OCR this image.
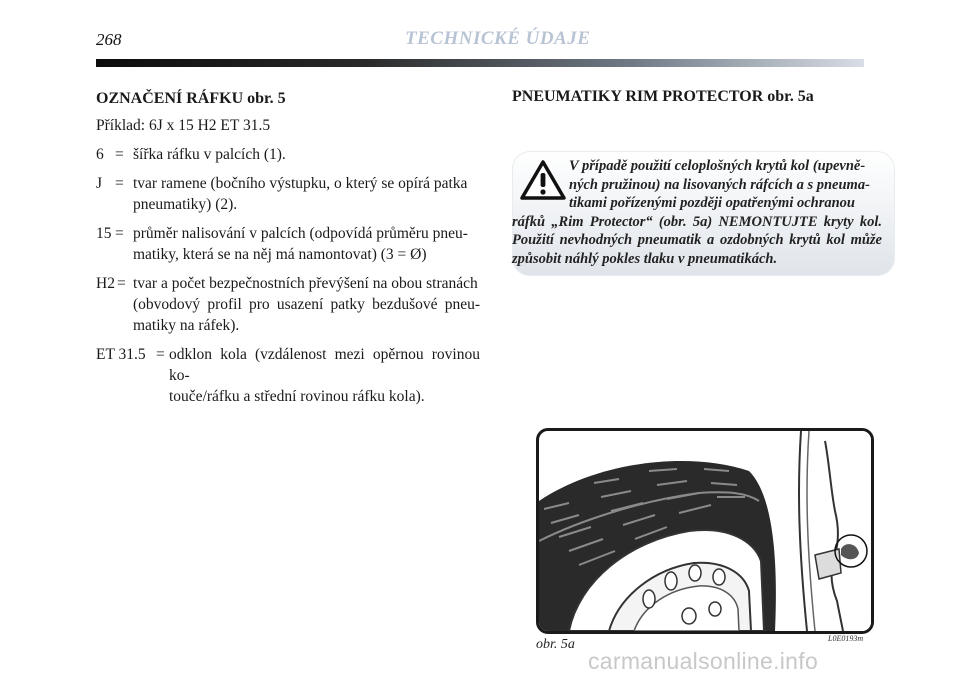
268	TECHNICKÉ ÚDAJE
OZNAČENÍ RÁFKU obr. 5
Příklad: 6J x 15 H2 ET 31.5
6 = šířka ráfku v palcích (1).
J = tvar ramene (bočního výstupku, o který se opírá patka
pneumatiky) (2).
15 = průměr nalisování v palcích (odpovídá průměru pneu-
matiky, která se na něj má namontovat) (3 = Ø)
H2 = tvar a počet bezpečnostních převýšení na obou stranách
(obvodový profil pro usazení patky bezdušové pneu- matiky na ráfek).
ET 31.5 = odklon kola (vzdálenost mezi opěrnou rovinou ko-
touče/ráfku a střední rovinou ráfku kola).
PNEUMATIKY RIM PROTECTOR obr. 5a
V případě použití celoplošných krytů kol (upevně-
ných pružinou) na lisovaných ráfcích a s pneuma-
tikami pořízenými později opatřenými ochranou
ráfků „Rim Protector“ (obr. 5a) NEMONTUJTE kryty kol. Použití nevhodných pneumatik a ozdobných krytů kol může způsobit náhlý pokles tlaku v pneumatikách.
obr. 5a	L0E0193m
carmanualsonline.info
